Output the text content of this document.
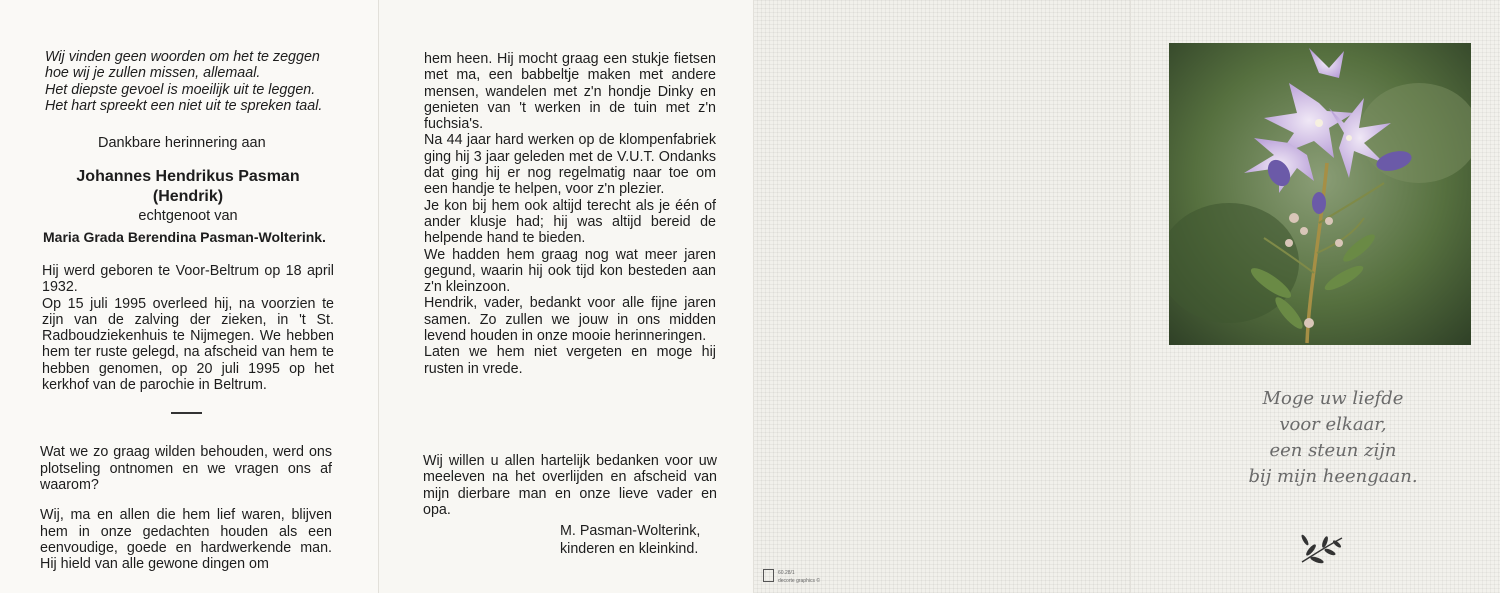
Wij vinden geen woorden om het te zeggen
hoe wij je zullen missen, allemaal.
Het diepste gevoel is moeilijk uit te leggen.
Het hart spreekt een niet uit te spreken taal.
Dankbare herinnering aan
Johannes Hendrikus Pasman
(Hendrik)
echtgenoot van
Maria Grada Berendina Pasman-Wolterink.

Hij werd geboren te Voor-Beltrum op 18 april 1932.

Op 15 juli 1995 overleed hij, na voorzien te zijn van de zalving der zieken, in 't St. Radboudziekenhuis te Nijmegen. We hebben hem ter ruste gelegd, na afscheid van hem te hebben genomen, op 20 juli 1995 op het kerkhof van de parochie in Beltrum.

Wat we zo graag wilden behouden, werd ons plotseling ontnomen en we vragen ons af waarom?

Wij, ma en allen die hem lief waren, blijven hem in onze gedachten houden als een eenvoudige, goede en hardwerkende man. Hij hield van alle gewone dingen om

hem heen. Hij mocht graag een stukje fietsen met ma, een babbeltje maken met andere mensen, wandelen met z'n hondje Dinky en genieten van 't werken in de tuin met z'n fuchsia's.

Na 44 jaar hard werken op de klompenfabriek ging hij 3 jaar geleden met de V.U.T. Ondanks dat ging hij er nog regelmatig naar toe om een handje te helpen, voor z'n plezier.

Je kon bij hem ook altijd terecht als je één of ander klusje had; hij was altijd bereid de helpende hand te bieden.

We hadden hem graag nog wat meer jaren gegund, waarin hij ook tijd kon besteden aan z'n kleinzoon.

Hendrik, vader, bedankt voor alle fijne jaren samen. Zo zullen we jouw in ons midden levend houden in onze mooie herinneringen.

Laten we hem niet vergeten en moge hij rusten in vrede.

Wij willen u allen hartelijk bedanken voor uw meeleven na het overlijden en afscheid van mijn dierbare man en onze lieve vader en opa.
M. Pasman-Wolterink,
kinderen en kleinkind.
60.28/1
decorte graphics ©
Moge uw liefde
voor elkaar,
een steun zijn
bij mijn heengaan.
